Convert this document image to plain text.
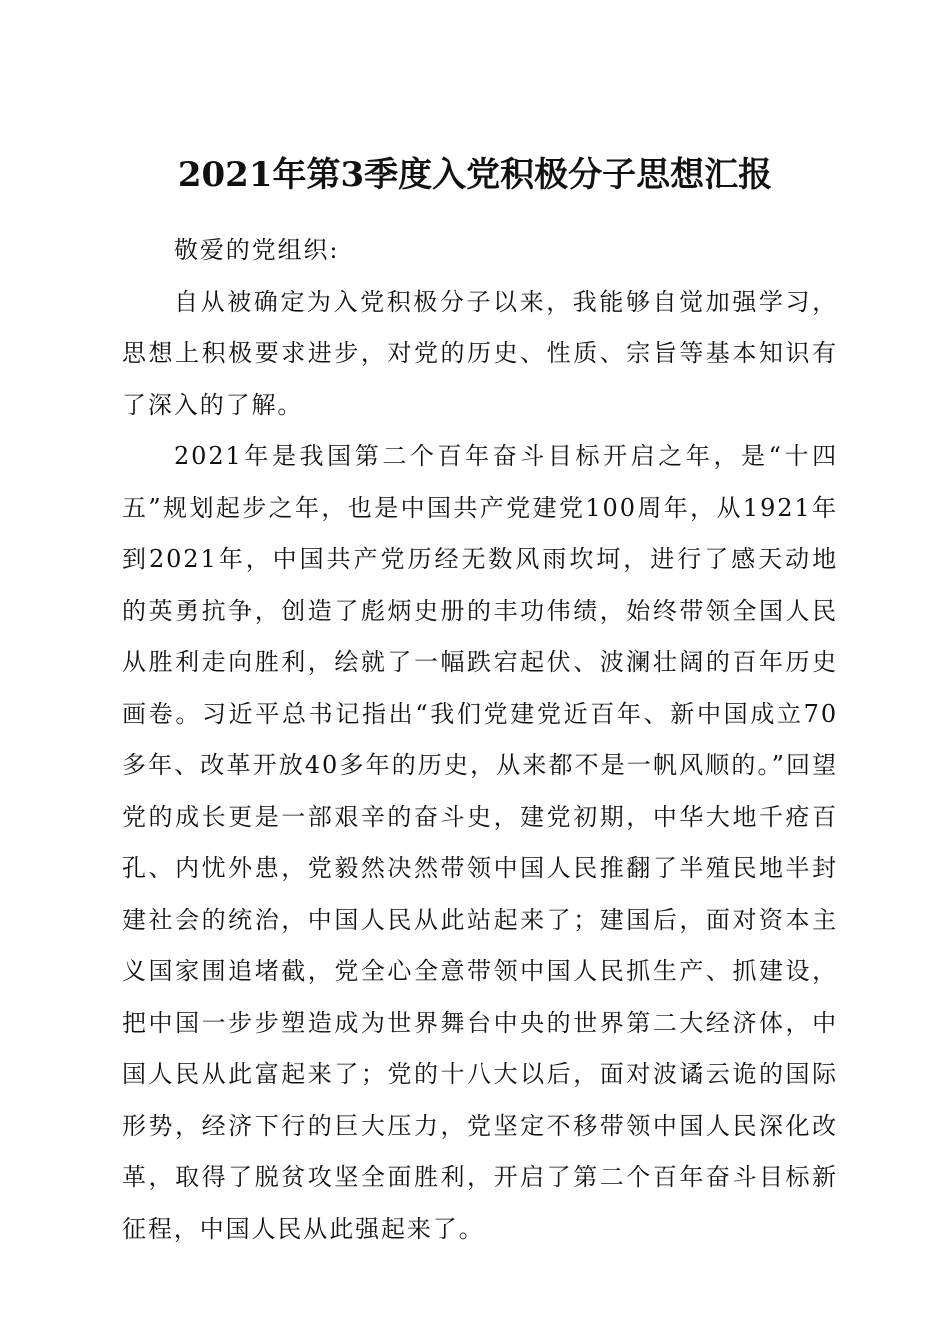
2021年第3季度入党积极分子思想汇报

敬爱的党组织:

自从被确定为入党积极分子以来，我能够自觉加强学习，思想上积极要求进步，对党的历史、性质、宗旨等基本知识有了深入的了解。

2021年是我国第二个百年奋斗目标开启之年，是“十四五”规划起步之年，也是中国共产党建党100周年，从1921年到2021年，中国共产党历经无数风雨坎坷，进行了感天动地的英勇抗争，创造了彪炳史册的丰功伟绩，始终带领全国人民从胜利走向胜利，绘就了一幅跌宕起伏、波澜壮阔的百年历史画卷。习近平总书记指出“我们党建党近百年、新中国成立70多年、改革开放40多年的历史，从来都不是一帆风顺的。”回望党的成长更是一部艰辛的奋斗史，建党初期，中华大地千疮百孔、内忧外患，党毅然决然带领中国人民推翻了半殖民地半封建社会的统治，中国人民从此站起来了；建国后，面对资本主义国家围追堵截，党全心全意带领中国人民抓生产、抓建设，把中国一步步塑造成为世界舞台中央的世界第二大经济体，中国人民从此富起来了；党的十八大以后，面对波谲云诡的国际形势，经济下行的巨大压力，党坚定不移带领中国人民深化改革，取得了脱贫攻坚全面胜利，开启了第二个百年奋斗目标新征程，中国人民从此强起来了。
